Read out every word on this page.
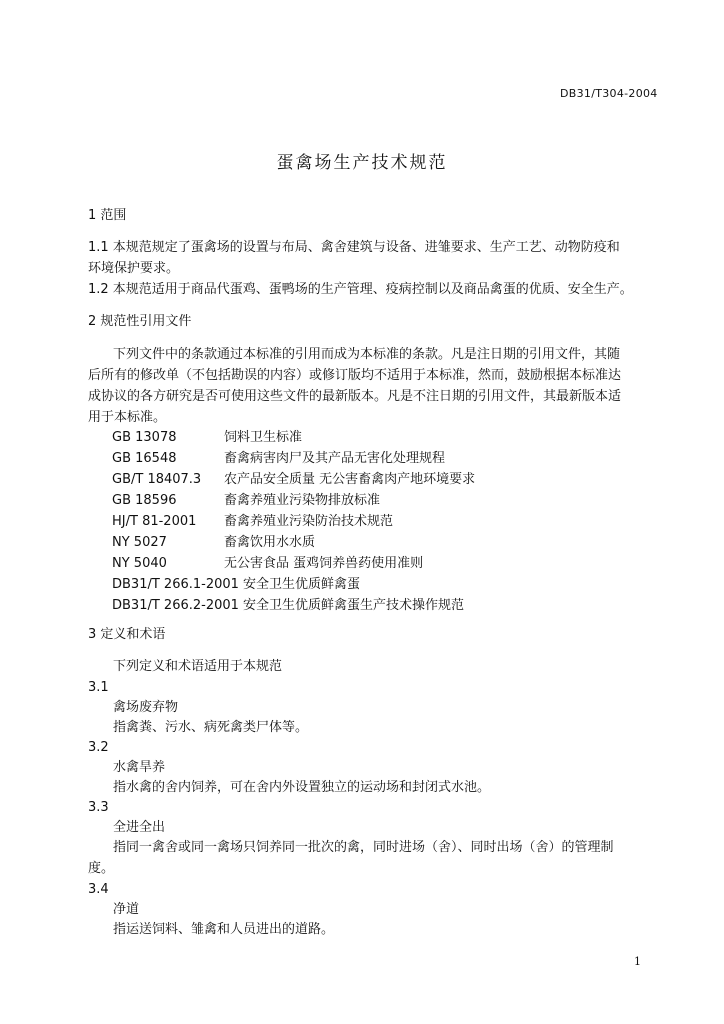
DB31/T304-2004
蛋禽场生产技术规范
1 范围
1.1 本规范规定了蛋禽场的设置与布局、禽舍建筑与设备、进雏要求、生产工艺、动物防疫和
环境保护要求。
1.2 本规范适用于商品代蛋鸡、蛋鸭场的生产管理、疫病控制以及商品禽蛋的优质、安全生产。
2 规范性引用文件
下列文件中的条款通过本标准的引用而成为本标准的条款。凡是注日期的引用文件，其随
后所有的修改单（不包括勘误的内容）或修订版均不适用于本标准，然而，鼓励根据本标准达
成协议的各方研究是否可使用这些文件的最新版本。凡是不注日期的引用文件，其最新版本适
用于本标准。
GB 13078	饲料卫生标准
GB 16548	畜禽病害肉尸及其产品无害化处理规程
GB/T 18407.3 农产品安全质量 无公害畜禽肉产地环境要求
GB 18596	畜禽养殖业污染物排放标准
HJ/T 81-2001 畜禽养殖业污染防治技术规范
NY 5027	畜禽饮用水水质
NY 5040	无公害食品 蛋鸡饲养兽药使用准则
DB31/T 266.1-2001 安全卫生优质鲜禽蛋
DB31/T 266.2-2001 安全卫生优质鲜禽蛋生产技术操作规范
3 定义和术语
下列定义和术语适用于本规范
3.1
禽场废弃物
指禽粪、污水、病死禽类尸体等。
3.2
水禽旱养
指水禽的舍内饲养，可在舍内外设置独立的运动场和封闭式水池。
3.3
全进全出
指同一禽舍或同一禽场只饲养同一批次的禽，同时进场（舍）、同时出场（舍）的管理制
度。
3.4
净道
指运送饲料、雏禽和人员进出的道路。
1
